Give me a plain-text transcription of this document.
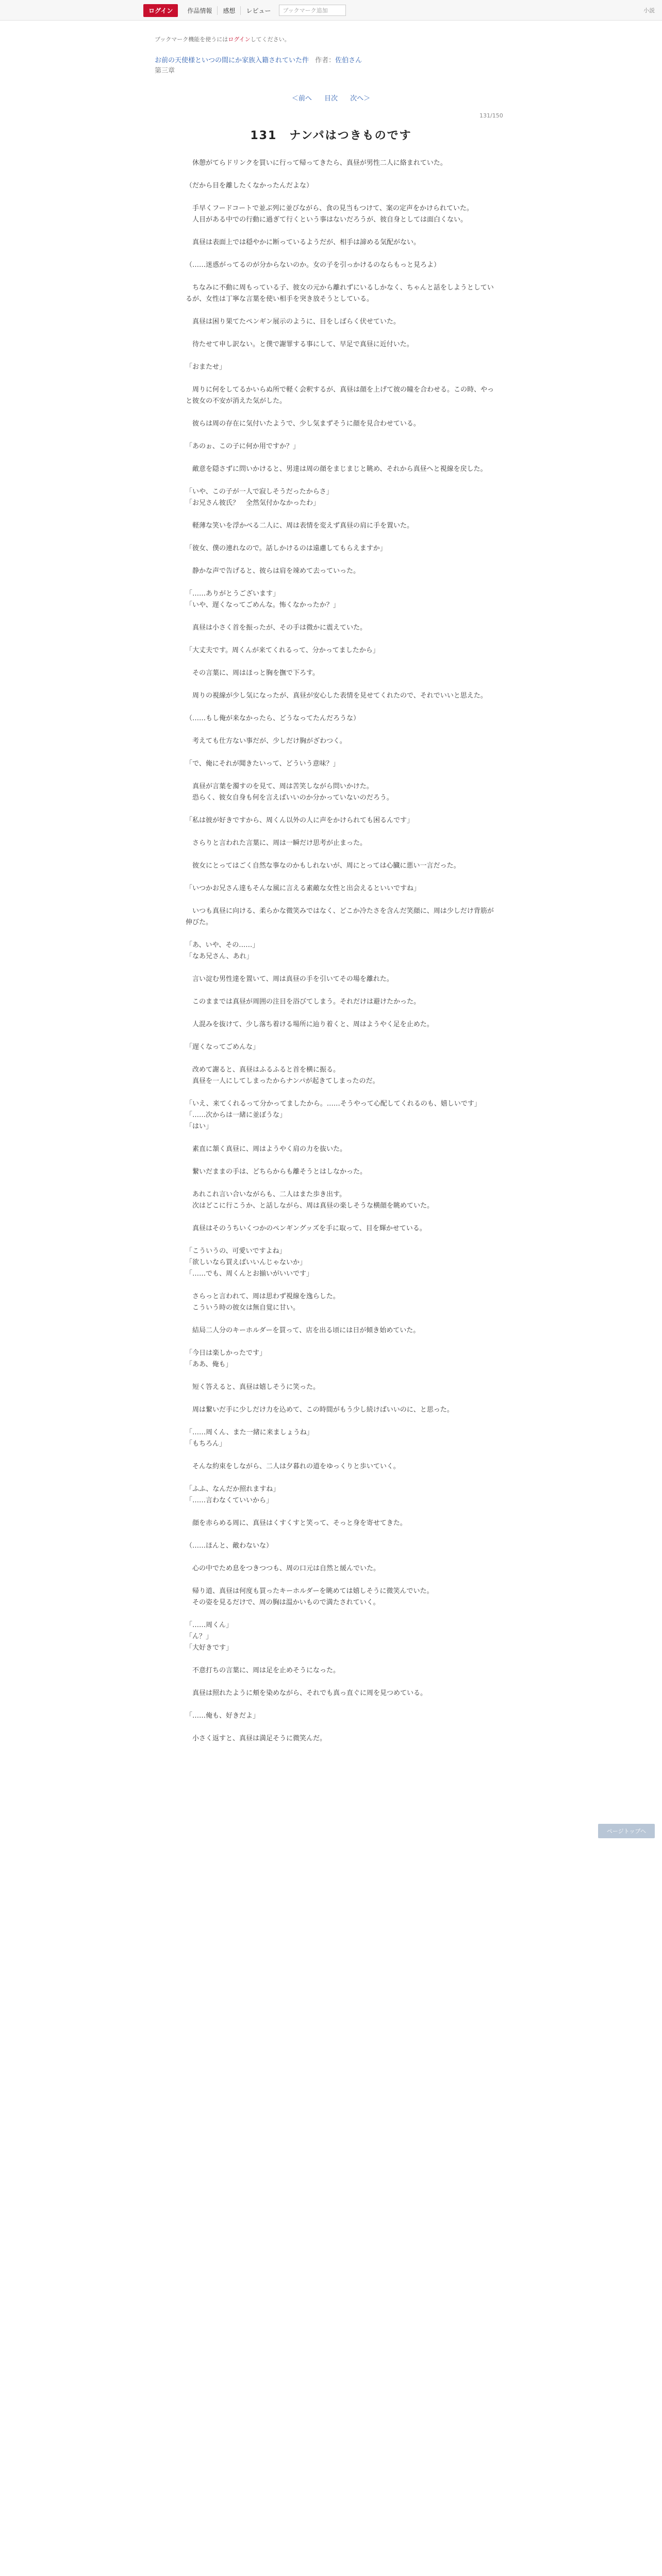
ログイン	作品情報	感想	レビュー	ブックマーク追加	小説
ブックマーク機能を使うにはログインしてください。
お前の天使様といつの間にか家族入籍されていた件 作者：佐伯さん
第三章
＜前へ 目次 次へ＞
131/150
131　 ナンパはつきものです

　休憩がてらドリンクを買いに行って帰ってきたら、真昼が男性二人に絡まれていた。

（だから目を離したくなかったんだよな）

　手早くフードコートで並ぶ列に並びながら、食の見当もつけて、案の定声をかけられていた。
　人目がある中での行動に過ぎて行くという事はないだろうが、彼自身としては面白くない。

　真昼は表面上では穏やかに断っているようだが、相手は諦める気配がない。

（……迷惑がってるのが分からないのか。女の子を引っかけるのならもっと見ろよ）

　ちなみに不動に周もっている子、彼女の元から離れずにいるしかなく、ちゃんと話をしようとしているが、女性は丁寧な言葉を使い相手を突き放そうとしている。

　真昼は困り果てたペンギン展示のように、目をしばらく伏せていた。

　待たせて申し訳ない。と僕で謝罪する事にして、早足で真昼に近付いた。

「おまたせ」

　周りに何をしてるかいらぬ所で軽く会釈するが、真昼は顔を上げて彼の瞳を合わせる。この時、やっと彼女の不安が消えた気がした。

　彼らは周の存在に気付いたようで、少し気まずそうに顔を見合わせている。

「あのぉ、この子に何か用ですか？」

　敵意を隠さずに問いかけると、男達は周の顔をまじまじと眺め、それから真昼へと視線を戻した。

「いや、この子が一人で寂しそうだったからさ」
「お兄さん彼氏？　全然気付かなかったわ」

　軽薄な笑いを浮かべる二人に、周は表情を変えず真昼の肩に手を置いた。

「彼女、僕の連れなので。話しかけるのは遠慮してもらえますか」

　静かな声で告げると、彼らは肩を竦めて去っていった。

「……ありがとうございます」
「いや、遅くなってごめんな。怖くなかったか？」

　真昼は小さく首を振ったが、その手は微かに震えていた。

「大丈夫です。周くんが来てくれるって、分かってましたから」

　その言葉に、周はほっと胸を撫で下ろす。

　周りの視線が少し気になったが、真昼が安心した表情を見せてくれたので、それでいいと思えた。

（……もし俺が来なかったら、どうなってたんだろうな）

　考えても仕方ない事だが、少しだけ胸がざわつく。

「で、俺にそれが聞きたいって、どういう意味？」

　真昼が言葉を濁すのを見て、周は苦笑しながら問いかけた。
　恐らく、彼女自身も何を言えばいいのか分かっていないのだろう。

「私は彼が好きですから、周くん以外の人に声をかけられても困るんです」

　さらりと言われた言葉に、周は一瞬だけ思考が止まった。

　彼女にとってはごく自然な事なのかもしれないが、周にとっては心臓に悪い一言だった。

「いつかお兄さん達もそんな風に言える素敵な女性と出会えるといいですね」

　いつも真昼に向ける、柔らかな微笑みではなく、どこか冷たさを含んだ笑顔に、周は少しだけ背筋が伸びた。

「あ、いや、その……」
「なあ兄さん、あれ」

　言い淀む男性達を置いて、周は真昼の手を引いてその場を離れた。

　このままでは真昼が周囲の注目を浴びてしまう。それだけは避けたかった。

　人混みを抜けて、少し落ち着ける場所に辿り着くと、周はようやく足を止めた。

「遅くなってごめんな」

　改めて謝ると、真昼はふるふると首を横に振る。
　真昼を一人にしてしまったからナンパが起きてしまったのだ。

「いえ、来てくれるって分かってましたから。……そうやって心配してくれるのも、嬉しいです」
「……次からは一緒に並ぼうな」
「はい」

　素直に頷く真昼に、周はようやく肩の力を抜いた。

　繋いだままの手は、どちらからも離そうとはしなかった。

　あれこれ言い合いながらも、二人はまた歩き出す。
　次はどこに行こうか、と話しながら、周は真昼の楽しそうな横顔を眺めていた。

　真昼はそのうちいくつかのペンギングッズを手に取って、目を輝かせている。

「こういうの、可愛いですよね」
「欲しいなら買えばいいんじゃないか」
「……でも、周くんとお揃いがいいです」

　さらっと言われて、周は思わず視線を逸らした。
　こういう時の彼女は無自覚に甘い。

　結局二人分のキーホルダーを買って、店を出る頃には日が傾き始めていた。

「今日は楽しかったです」
「ああ、俺も」

　短く答えると、真昼は嬉しそうに笑った。

　周は繋いだ手に少しだけ力を込めて、この時間がもう少し続けばいいのに、と思った。

「……周くん、また一緒に来ましょうね」
「もちろん」

　そんな約束をしながら、二人は夕暮れの道をゆっくりと歩いていく。

「ふふ、なんだか照れますね」
「……言わなくていいから」

　顔を赤らめる周に、真昼はくすくすと笑って、そっと身を寄せてきた。

（……ほんと、敵わないな）

　心の中でため息をつきつつも、周の口元は自然と緩んでいた。

　帰り道、真昼は何度も買ったキーホルダーを眺めては嬉しそうに微笑んでいた。
　その姿を見るだけで、周の胸は温かいもので満たされていく。

「……周くん」
「ん？」
「大好きです」

　不意打ちの言葉に、周は足を止めそうになった。

　真昼は照れたように頬を染めながら、それでも真っ直ぐに周を見つめている。

「……俺も、好きだよ」

　小さく返すと、真昼は満足そうに微笑んだ。

ページトップへ
